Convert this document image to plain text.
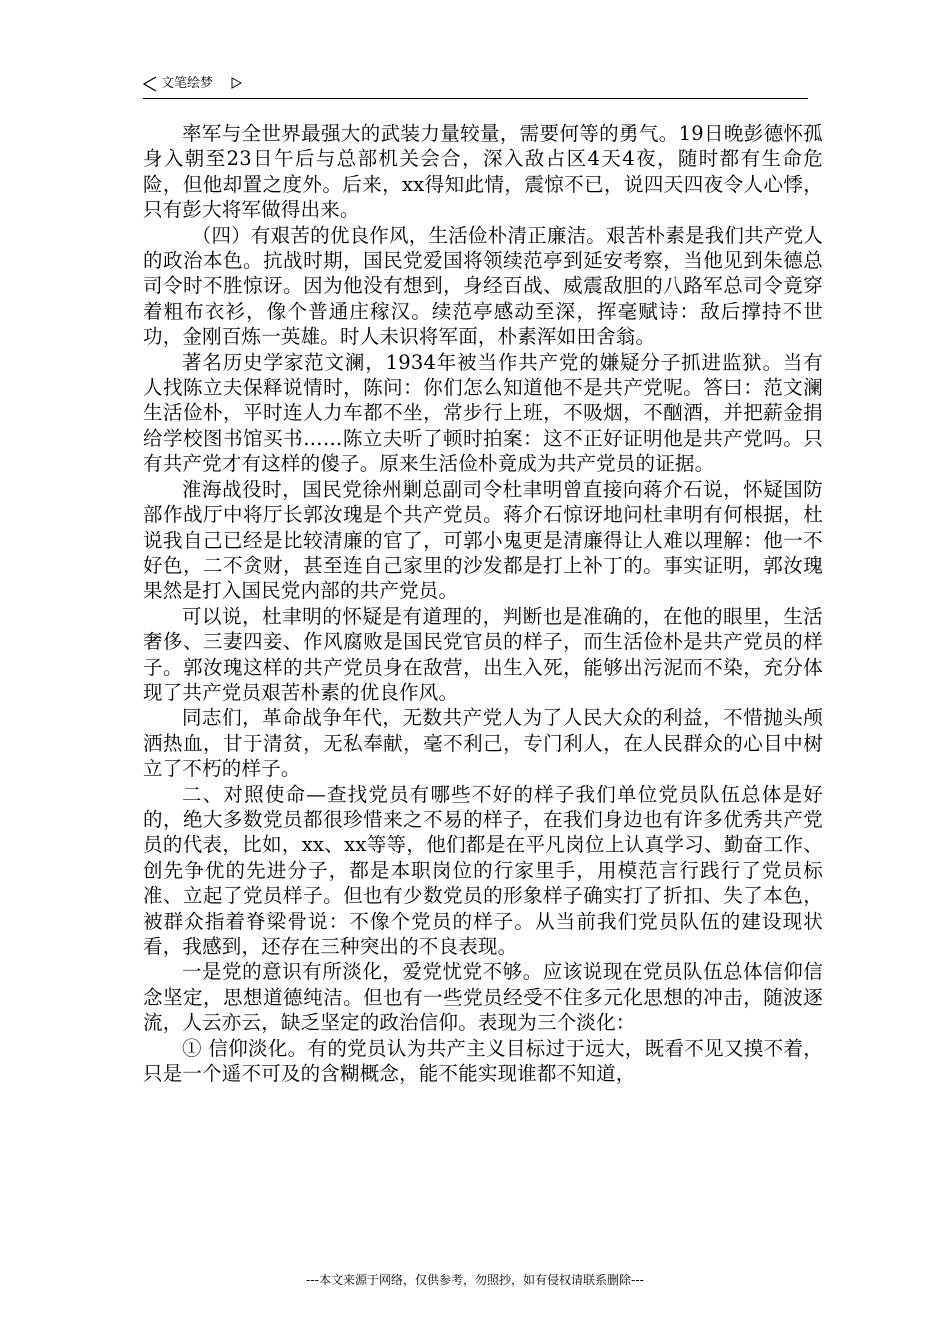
文笔绘梦

率军与全世界最强大的武装力量较量，需要何等的勇气。19日晚彭德怀孤身入朝至23日午后与总部机关会合，深入敌占区4天4夜，随时都有生命危险，但他却置之度外。后来，xx得知此情，震惊不已，说四天四夜令人心悸，只有彭大将军做得出来。

（四）有艰苦的优良作风，生活俭朴清正廉洁。艰苦朴素是我们共产党人的政治本色。抗战时期，国民党爱国将领续范亭到延安考察，当他见到朱德总司令时不胜惊讶。因为他没有想到，身经百战、威震敌胆的八路军总司令竟穿着粗布衣衫，像个普通庄稼汉。续范亭感动至深，挥毫赋诗：敌后撑持不世功，金刚百炼一英雄。时人未识将军面，朴素浑如田舍翁。

著名历史学家范文澜，1934年被当作共产党的嫌疑分子抓进监狱。当有人找陈立夫保释说情时，陈问：你们怎么知道他不是共产党呢。答曰：范文澜生活俭朴，平时连人力车都不坐，常步行上班，不吸烟，不酗酒，并把薪金捐给学校图书馆买书……陈立夫听了顿时拍案：这不正好证明他是共产党吗。只有共产党才有这样的傻子。原来生活俭朴竟成为共产党员的证据。

淮海战役时，国民党徐州剿总副司令杜聿明曾直接向蒋介石说，怀疑国防部作战厅中将厅长郭汝瑰是个共产党员。蒋介石惊讶地问杜聿明有何根据，杜说我自己已经是比较清廉的官了，可郭小鬼更是清廉得让人难以理解：他一不好色，二不贪财，甚至连自己家里的沙发都是打上补丁的。事实证明，郭汝瑰果然是打入国民党内部的共产党员。

可以说，杜聿明的怀疑是有道理的，判断也是准确的，在他的眼里，生活奢侈、三妻四妾、作风腐败是国民党官员的样子，而生活俭朴是共产党员的样子。郭汝瑰这样的共产党员身在敌营，出生入死，能够出污泥而不染，充分体现了共产党员艰苦朴素的优良作风。

同志们，革命战争年代，无数共产党人为了人民大众的利益，不惜抛头颅洒热血，甘于清贫，无私奉献，毫不利己，专门利人，在人民群众的心目中树立了不朽的样子。

二、对照使命—查找党员有哪些不好的样子我们单位党员队伍总体是好的，绝大多数党员都很珍惜来之不易的样子，在我们身边也有许多优秀共产党员的代表，比如，xx、xx等等，他们都是在平凡岗位上认真学习、勤奋工作、创先争优的先进分子，都是本职岗位的行家里手，用模范言行践行了党员标准、立起了党员样子。但也有少数党员的形象样子确实打了折扣、失了本色，被群众指着脊梁骨说：不像个党员的样子。从当前我们党员队伍的建设现状看，我感到，还存在三种突出的不良表现。

一是党的意识有所淡化，爱党忧党不够。应该说现在党员队伍总体信仰信念坚定，思想道德纯洁。但也有一些党员经受不住多元化思想的冲击，随波逐流，人云亦云，缺乏坚定的政治信仰。表现为三个淡化：

① 信仰淡化。有的党员认为共产主义目标过于远大，既看不见又摸不着，只是一个遥不可及的含糊概念，能不能实现谁都不知道，

---本文来源于网络，仅供参考，勿照抄，如有侵权请联系删除---
